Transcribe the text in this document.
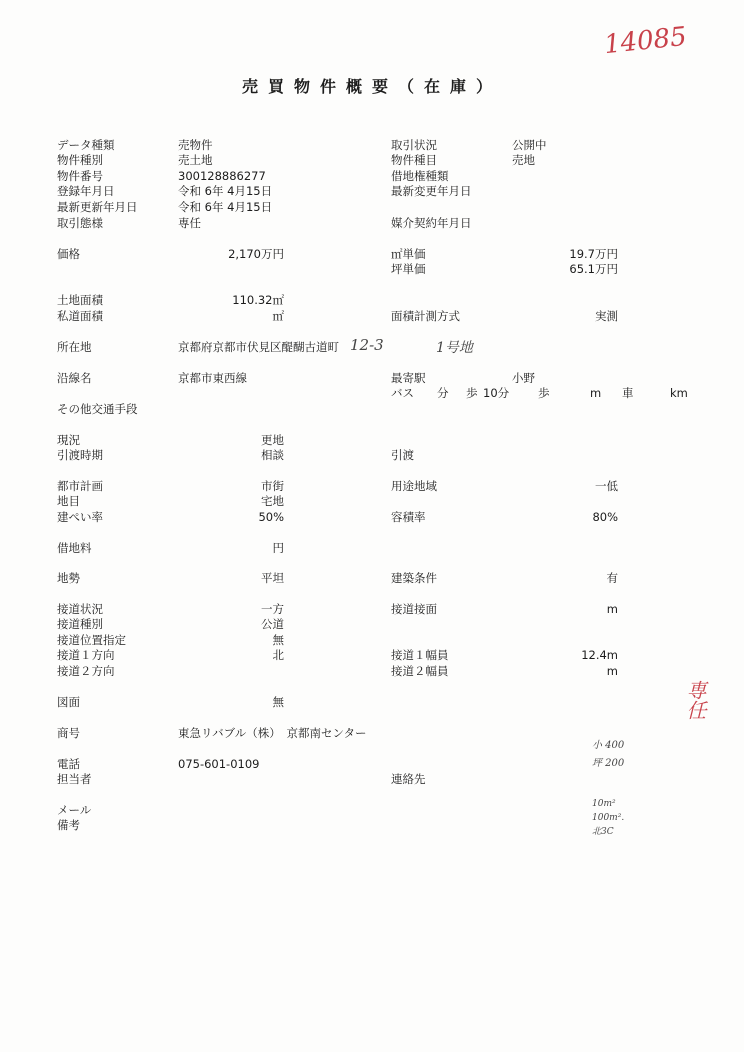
14085
専任
小 400
坪 200
10m²
100m².
北3C
売買物件概要（在庫）
データ種類	売物件	取引状況	公開中
物件種別	売土地	物件種目	売地
物件番号	300128886277	借地権種類
登録年月日	令和 6年 4月15日	最新変更年月日
最新更新年月日	令和 6年 4月15日
取引態様	専任	媒介契約年月日
価格	2,170万円	㎡単価	19.7万円
坪単価	65.1万円
土地面積	110.32㎡
私道面積	㎡	面積計測方式	実測
所在地	京都府京都市伏見区醍醐古道町 12-3	1号地
沿線名	京都市東西線	最寄駅	小野
バス 分 歩 10分	歩	m 車	km
その他交通手段
現況	更地
引渡時期	相談	引渡
都市計画	市街	用途地域	一低
地目	宅地
建ぺい率	50%	容積率	80%
借地料	円
地勢	平坦	建築条件	有
接道状況	一方	接道接面	m
接道種別	公道
接道位置指定	無
接道１方向	北	接道１幅員	12.4m
接道２方向	接道２幅員	m
図面	無
商号	東急リバブル（株）　京都南センター
電話	075-601-0109
担当者	連絡先
メール
備考
